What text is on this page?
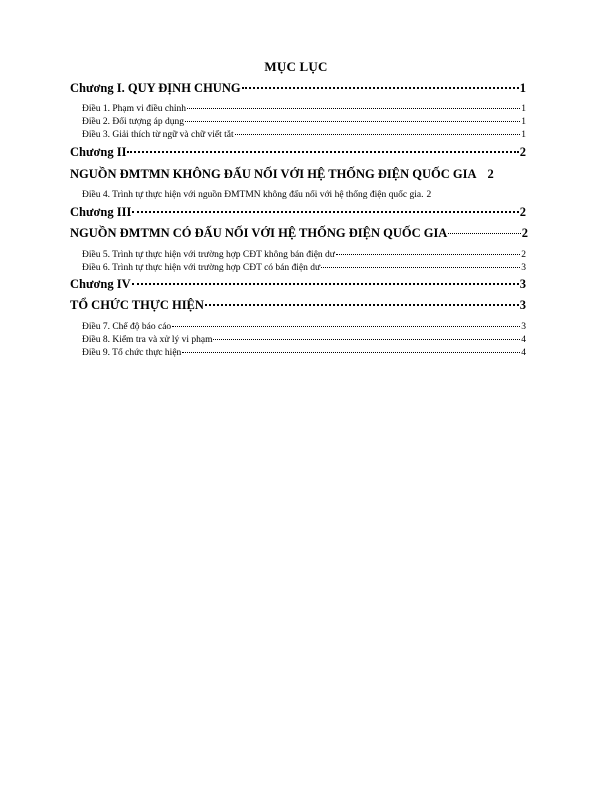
MỤC LỤC
Chương I. QUY ĐỊNH CHUNG	1
Điều 1. Phạm vi điều chỉnh	1
Điều 2. Đối tượng áp dụng	1
Điều 3. Giải thích từ ngữ và chữ viết tắt	1
Chương II	2
NGUỒN ĐMTMN KHÔNG ĐẤU NỐI VỚI HỆ THỐNG ĐIỆN QUỐC GIA 2
Điều 4. Trình tự thực hiện với nguồn ĐMTMN không đấu nối với hệ thống điện quốc gia. 2
Chương III	2
NGUỒN ĐMTMN CÓ ĐẤU NỐI VỚI HỆ THỐNG ĐIỆN QUỐC GIA	2
Điều 5. Trình tự thực hiện với trường hợp CĐT không bán điện dư	2
Điều 6. Trình tự thực hiện với trường hợp CĐT có bán điện dư	3
Chương IV	3
TỔ CHỨC THỰC HIỆN	3
Điều 7. Chế độ báo cáo	3
Điều 8. Kiểm tra và xử lý vi phạm	4
Điều 9. Tổ chức thực hiện	4
